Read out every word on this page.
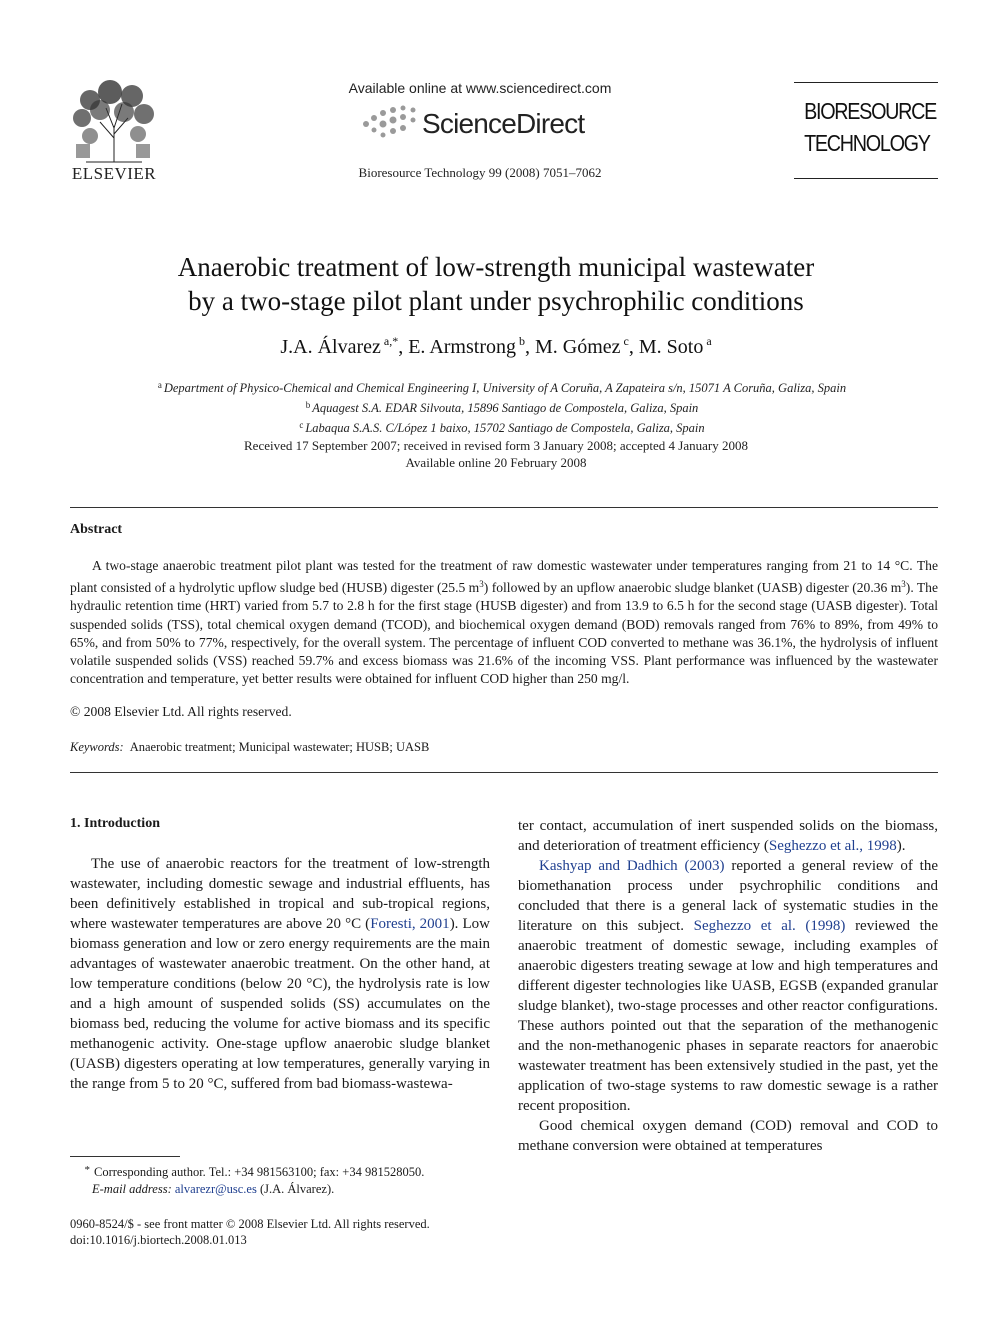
ELSEVIER
Available online at www.sciencedirect.com
ScienceDirect
Bioresource Technology 99 (2008) 7051–7062
BIORESOURCE
TECHNOLOGY
Anaerobic treatment of low-strength municipal wastewater
by a two-stage pilot plant under psychrophilic conditions
J.A. Álvarez $^{a,*}$, E. Armstrong $^b$, M. Gómez $^c$, M. Soto $^a$
$^a$ Department of Physico-Chemical and Chemical Engineering I, University of A Coruña, A Zapateira s/n, 15071 A Coruña, Galiza, Spain
$^b$ Aquagest S.A. EDAR Silvouta, 15896 Santiago de Compostela, Galiza, Spain
$^c$ Labaqua S.A.S. C/López 1 baixo, 15702 Santiago de Compostela, Galiza, Spain
Received 17 September 2007; received in revised form 3 January 2008; accepted 4 January 2008
Available online 20 February 2008
Abstract
A two-stage anaerobic treatment pilot plant was tested for the treatment of raw domestic wastewater under temperatures ranging from 21 to 14 °C. The plant consisted of a hydrolytic upflow sludge bed (HUSB) digester (25.5 $m^3$) followed by an upflow anaerobic sludge blanket (UASB) digester (20.36 $m^3$). The hydraulic retention time (HRT) varied from 5.7 to 2.8 h for the first stage (HUSB digester) and from 13.9 to 6.5 h for the second stage (UASB digester). Total suspended solids (TSS), total chemical oxygen demand (TCOD), and biochemical oxygen demand (BOD) removals ranged from 76% to 89%, from 49% to 65%, and from 50% to 77%, respectively, for the overall system. The percentage of influent COD converted to methane was 36.1%, the hydrolysis of influent volatile suspended solids (VSS) reached 59.7% and excess biomass was 21.6% of the incoming VSS. Plant performance was influenced by the wastewater concentration and temperature, yet better results were obtained for influent COD higher than 250 mg/l.
© 2008 Elsevier Ltd. All rights reserved.
Keywords: Anaerobic treatment; Municipal wastewater; HUSB; UASB
1. Introduction
The use of anaerobic reactors for the treatment of low-strength wastewater, including domestic sewage and industrial effluents, has been definitively established in tropical and sub-tropical regions, where wastewater temperatures are above 20 °C (Foresti, 2001). Low biomass generation and low or zero energy requirements are the main advantages of wastewater anaerobic treatment. On the other hand, at low temperature conditions (below 20 °C), the hydrolysis rate is low and a high amount of suspended solids (SS) accumulates on the biomass bed, reducing the volume for active biomass and its specific methanogenic activity. One-stage upflow anaerobic sludge blanket (UASB) digesters operating at low temperatures, generally varying in the range from 5 to 20 °C, suffered from bad biomass-wastewa-
ter contact, accumulation of inert suspended solids on the biomass, and deterioration of treatment efficiency (Seghezzo et al., 1998).
Kashyap and Dadhich (2003) reported a general review of the biomethanation process under psychrophilic conditions and concluded that there is a general lack of systematic studies in the literature on this subject. Seghezzo et al. (1998) reviewed the anaerobic treatment of domestic sewage, including examples of anaerobic digesters treating sewage at low and high temperatures and different digester technologies like UASB, EGSB (expanded granular sludge blanket), two-stage processes and other reactor configurations. These authors pointed out that the separation of the methanogenic and the non-methanogenic phases in separate reactors for anaerobic wastewater treatment has been extensively studied in the past, yet the application of two-stage systems to raw domestic sewage is a rather recent proposition.
Good chemical oxygen demand (COD) removal and COD to methane conversion were obtained at temperatures
* Corresponding author. Tel.: +34 981563100; fax: +34 981528050.
E-mail address: alvarezr@usc.es (J.A. Álvarez).
0960-8524/$ - see front matter © 2008 Elsevier Ltd. All rights reserved.
doi:10.1016/j.biortech.2008.01.013
